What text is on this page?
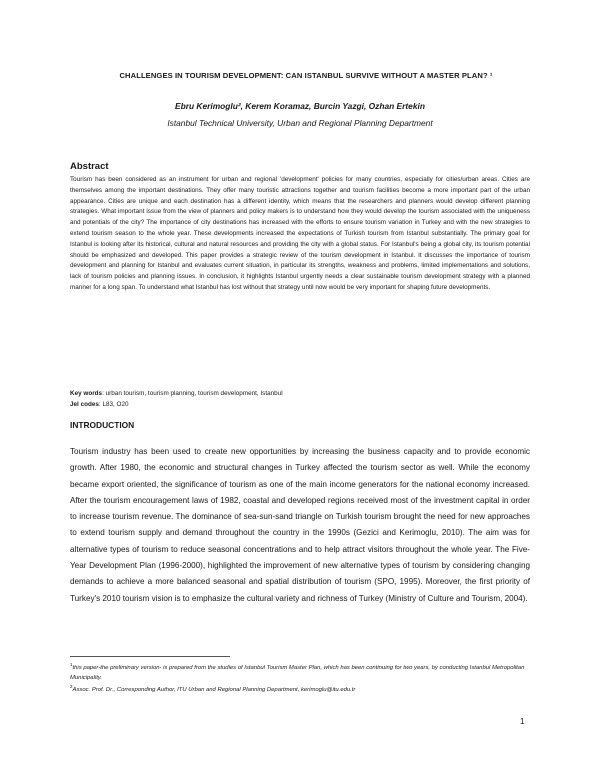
CHALLENGES IN TOURISM DEVELOPMENT: CAN ISTANBUL SURVIVE WITHOUT A MASTER PLAN? ¹
Ebru Kerimoglu², Kerem Koramaz, Burcin Yazgi, Ozhan Ertekin
Istanbul Technical University, Urban and Regional Planning Department
Abstract
Tourism has been considered as an instrument for urban and regional 'development' policies for many countries, especially for cities/urban areas. Cities are themselves among the important destinations. They offer many touristic attractions together and tourism facilities become a more important part of the urban appearance. Cities are unique and each destination has a different identity, which means that the researchers and planners would develop different planning strategies. What important issue from the view of planners and policy makers is to understand how they would develop the tourism associated with the uniqueness and potentials of the city? The importance of city destinations has increased with the efforts to ensure tourism variation in Turkey and with the new strategies to extend tourism season to the whole year. These developments increased the expectations of Turkish tourism from Istanbul substantially. The primary goal for Istanbul is looking after its historical, cultural and natural resources and providing the city with a global status. For Istanbul's being a global city, its tourism potential should be emphasized and developed. This paper provides a strategic review of the tourism development in Istanbul. It discusses the importance of tourism development and planning for Istanbul and evaluates current situation, in particular its strengths, weakness and problems, limited implementations and solutions, lack of tourism policies and planning issues. In conclusion, it highlights Istanbul urgently needs a clear sustainable tourism development strategy with a planned manner for a long span. To understand what Istanbul has lost without that strategy until now would be very important for shaping future developments.
Key words: urban tourism, tourism planning, tourism development, Istanbul
Jel codes: L83, O20
INTRODUCTION
Tourism industry has been used to create new opportunities by increasing the business capacity and to provide economic growth. After 1980, the economic and structural changes in Turkey affected the tourism sector as well. While the economy became export oriented, the significance of tourism as one of the main income generators for the national economy increased. After the tourism encouragement laws of 1982, coastal and developed regions received most of the investment capital in order to increase tourism revenue. The dominance of sea-sun-sand triangle on Turkish tourism brought the need for new approaches to extend tourism supply and demand throughout the country in the 1990s (Gezici and Kerimoglu, 2010). The aim was for alternative types of tourism to reduce seasonal concentrations and to help attract visitors throughout the whole year. The Five-Year Development Plan (1996-2000), highlighted the improvement of new alternative types of tourism by considering changing demands to achieve a more balanced seasonal and spatial distribution of tourism (SPO, 1995). Moreover, the first priority of Turkey's 2010 tourism vision is to emphasize the cultural variety and richness of Turkey (Ministry of Culture and Tourism, 2004).
$^1$this paper-the preliminary version- is prepared from the studies of Istanbul Tourism Master Plan, which has been continuing for two years, by conducting Istanbul Metropolitan Municipality.
$^2$Assoc. Prof. Dr., Corresponding Author, ITU Urban and Regional Planning Department, kerimoglu@itu.edu.tr
1
